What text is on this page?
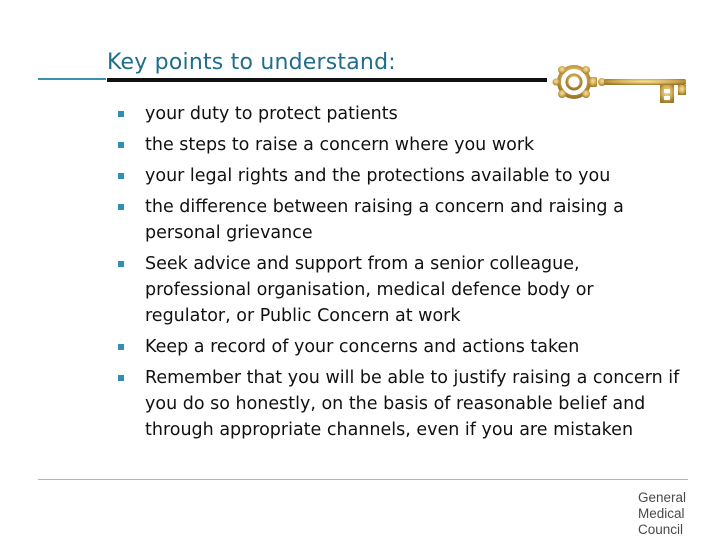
Key points to understand:
your duty to protect patients
the steps to raise a concern where you work
your legal rights and the protections available to you
the difference between raising a concern and raising a personal grievance
Seek advice and support from a senior colleague, professional organisation, medical defence body or regulator, or Public Concern at work
Keep a record of your concerns and actions taken
Remember that you will be able to justify raising a concern if you do so honestly, on the basis of reasonable belief and through appropriate channels, even if you are mistaken
General
Medical
Council
